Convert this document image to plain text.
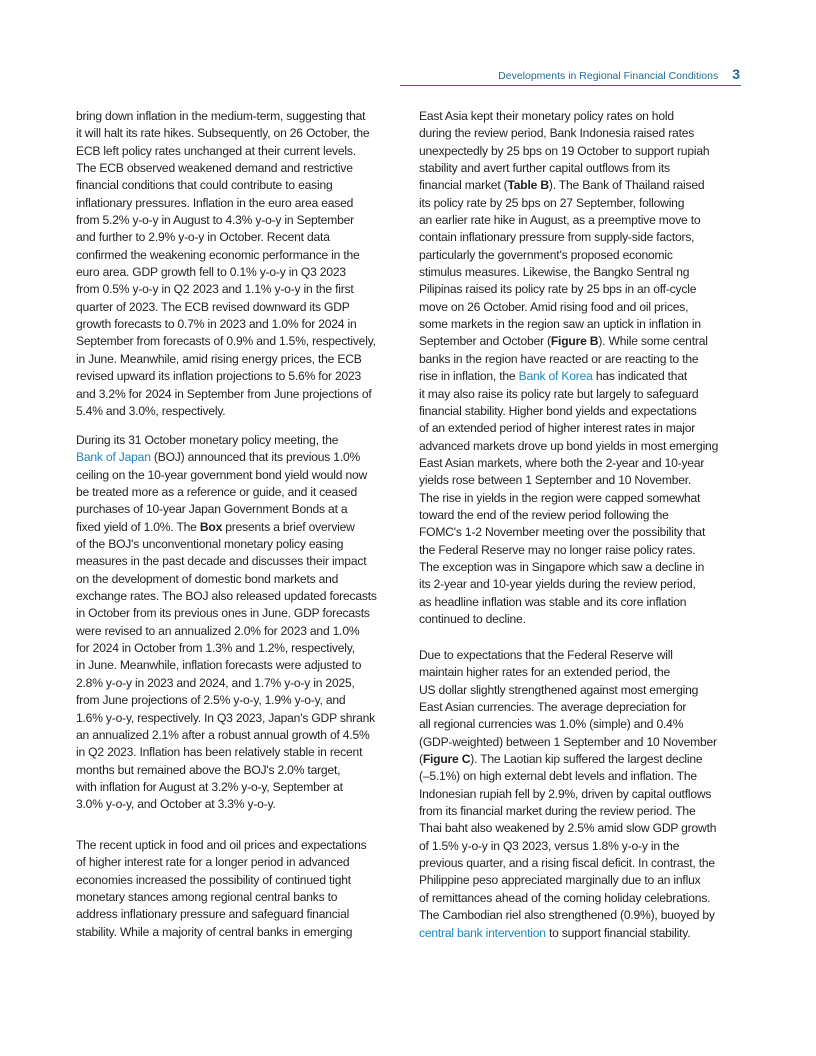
Developments in Regional Financial Conditions 3
bring down inflation in the medium-term, suggesting that
it will halt its rate hikes. Subsequently, on 26 October, the
ECB left policy rates unchanged at their current levels.
The ECB observed weakened demand and restrictive
financial conditions that could contribute to easing
inflationary pressures. Inflation in the euro area eased
from 5.2% y-o-y in August to 4.3% y-o-y in September
and further to 2.9% y-o-y in October. Recent data
confirmed the weakening economic performance in the
euro area. GDP growth fell to 0.1% y-o-y in Q3 2023
from 0.5% y-o-y in Q2 2023 and 1.1% y-o-y in the first
quarter of 2023. The ECB revised downward its GDP
growth forecasts to 0.7% in 2023 and 1.0% for 2024 in
September from forecasts of 0.9% and 1.5%, respectively,
in June. Meanwhile, amid rising energy prices, the ECB
revised upward its inflation projections to 5.6% for 2023
and 3.2% for 2024 in September from June projections of
5.4% and 3.0%, respectively.
During its 31 October monetary policy meeting, the
Bank of Japan (BOJ) announced that its previous 1.0%
ceiling on the 10-year government bond yield would now
be treated more as a reference or guide, and it ceased
purchases of 10-year Japan Government Bonds at a
fixed yield of 1.0%. The Box presents a brief overview
of the BOJ's unconventional monetary policy easing
measures in the past decade and discusses their impact
on the development of domestic bond markets and
exchange rates. The BOJ also released updated forecasts
in October from its previous ones in June. GDP forecasts
were revised to an annualized 2.0% for 2023 and 1.0%
for 2024 in October from 1.3% and 1.2%, respectively,
in June. Meanwhile, inflation forecasts were adjusted to
2.8% y-o-y in 2023 and 2024, and 1.7% y-o-y in 2025,
from June projections of 2.5% y-o-y, 1.9% y-o-y, and
1.6% y-o-y, respectively. In Q3 2023, Japan's GDP shrank
an annualized 2.1% after a robust annual growth of 4.5%
in Q2 2023. Inflation has been relatively stable in recent
months but remained above the BOJ's 2.0% target,
with inflation for August at 3.2% y-o-y, September at
3.0% y-o-y, and October at 3.3% y-o-y.
The recent uptick in food and oil prices and expectations
of higher interest rate for a longer period in advanced
economies increased the possibility of continued tight
monetary stances among regional central banks to
address inflationary pressure and safeguard financial
stability. While a majority of central banks in emerging
East Asia kept their monetary policy rates on hold
during the review period, Bank Indonesia raised rates
unexpectedly by 25 bps on 19 October to support rupiah
stability and avert further capital outflows from its
financial market (Table B). The Bank of Thailand raised
its policy rate by 25 bps on 27 September, following
an earlier rate hike in August, as a preemptive move to
contain inflationary pressure from supply-side factors,
particularly the government's proposed economic
stimulus measures. Likewise, the Bangko Sentral ng
Pilipinas raised its policy rate by 25 bps in an off-cycle
move on 26 October. Amid rising food and oil prices,
some markets in the region saw an uptick in inflation in
September and October (Figure B). While some central
banks in the region have reacted or are reacting to the
rise in inflation, the Bank of Korea has indicated that
it may also raise its policy rate but largely to safeguard
financial stability. Higher bond yields and expectations
of an extended period of higher interest rates in major
advanced markets drove up bond yields in most emerging
East Asian markets, where both the 2-year and 10-year
yields rose between 1 September and 10 November.
The rise in yields in the region were capped somewhat
toward the end of the review period following the
FOMC's 1-2 November meeting over the possibility that
the Federal Reserve may no longer raise policy rates.
The exception was in Singapore which saw a decline in
its 2-year and 10-year yields during the review period,
as headline inflation was stable and its core inflation
continued to decline.
Due to expectations that the Federal Reserve will
maintain higher rates for an extended period, the
US dollar slightly strengthened against most emerging
East Asian currencies. The average depreciation for
all regional currencies was 1.0% (simple) and 0.4%
(GDP-weighted) between 1 September and 10 November
(Figure C). The Laotian kip suffered the largest decline
(–5.1%) on high external debt levels and inflation. The
Indonesian rupiah fell by 2.9%, driven by capital outflows
from its financial market during the review period. The
Thai baht also weakened by 2.5% amid slow GDP growth
of 1.5% y-o-y in Q3 2023, versus 1.8% y-o-y in the
previous quarter, and a rising fiscal deficit. In contrast, the
Philippine peso appreciated marginally due to an influx
of remittances ahead of the coming holiday celebrations.
The Cambodian riel also strengthened (0.9%), buoyed by
central bank intervention to support financial stability.
